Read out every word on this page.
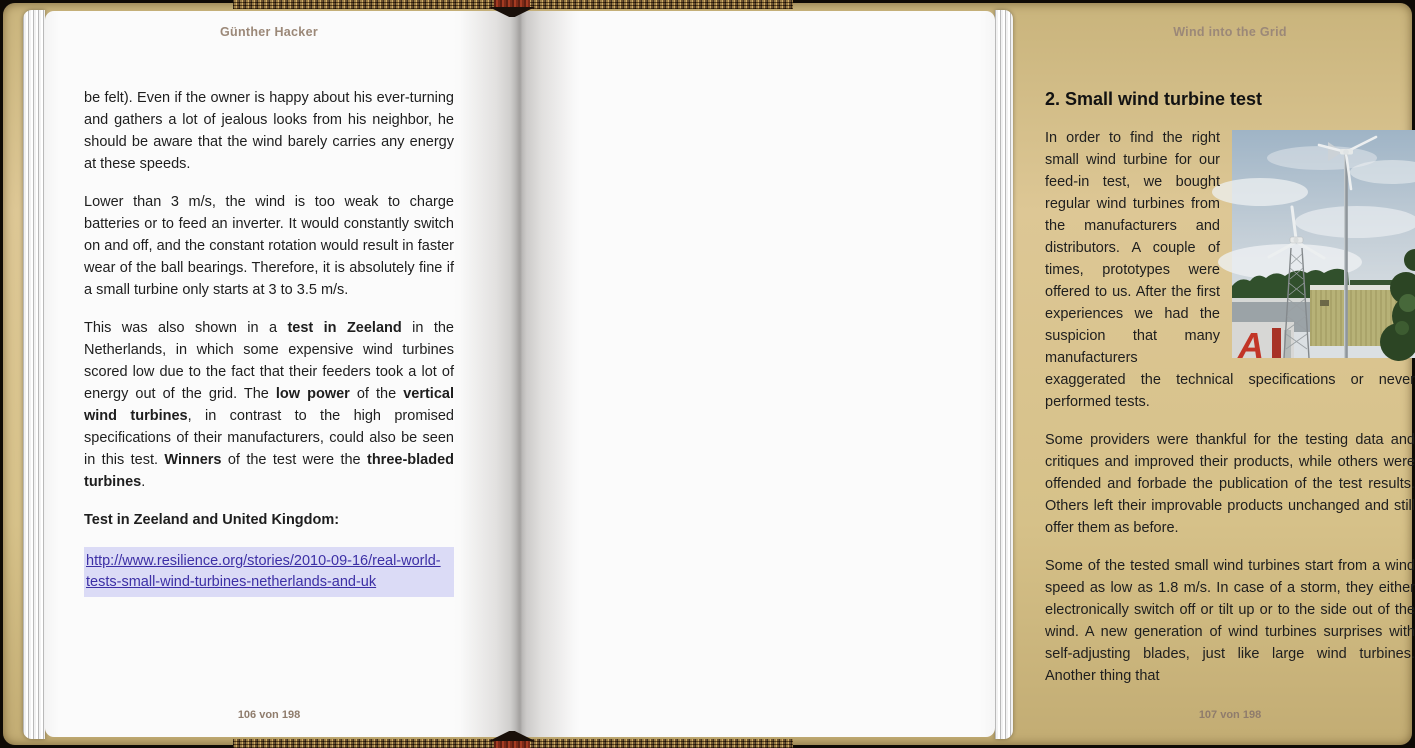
Günther Hacker

be felt). Even if the owner is happy about his ever-turning and gathers a lot of jealous looks from his neighbor, he should be aware that the wind barely carries any energy at these speeds.

Lower than 3 m/s, the wind is too weak to charge batteries or to feed an inverter. It would constantly switch on and off, and the constant rotation would result in faster wear of the ball bearings. Therefore, it is absolutely fine if a small turbine only starts at 3 to 3.5 m/s.

This was also shown in a test in Zeeland in the Netherlands, in which some expensive wind turbines scored low due to the fact that their feeders took a lot of energy out of the grid. The low power of the vertical wind turbines, in contrast to the high promised specifications of their manufacturers, could also be seen in this test. Winners of the test were the three-bladed turbines.

Test in Zeeland and United Kingdom:

http://www.resilience.org/stories/2010-09-16/real-world-tests-small-wind-turbines-netherlands-and-uk
106 von 198
Wind into the Grid

2. Small wind turbine test

A

In order to find the right small wind turbine for our feed-in test, we bought regular wind turbines from the manufacturers and distributors. A couple of times, prototypes were offered to us. After the first experiences we had the suspicion that many manufacturers exaggerated the technical specifications or never performed tests.

Some providers were thankful for the testing data and critiques and improved their products, while others were offended and forbade the publication of the test results. Others left their improvable products unchanged and still offer them as before.

Some of the tested small wind turbines start from a wind speed as low as 1.8 m/s. In case of a storm, they either electronically switch off or tilt up or to the side out of the wind. A new generation of wind turbines surprises with self-adjusting blades, just like large wind turbines. Another thing that

107 von 198
